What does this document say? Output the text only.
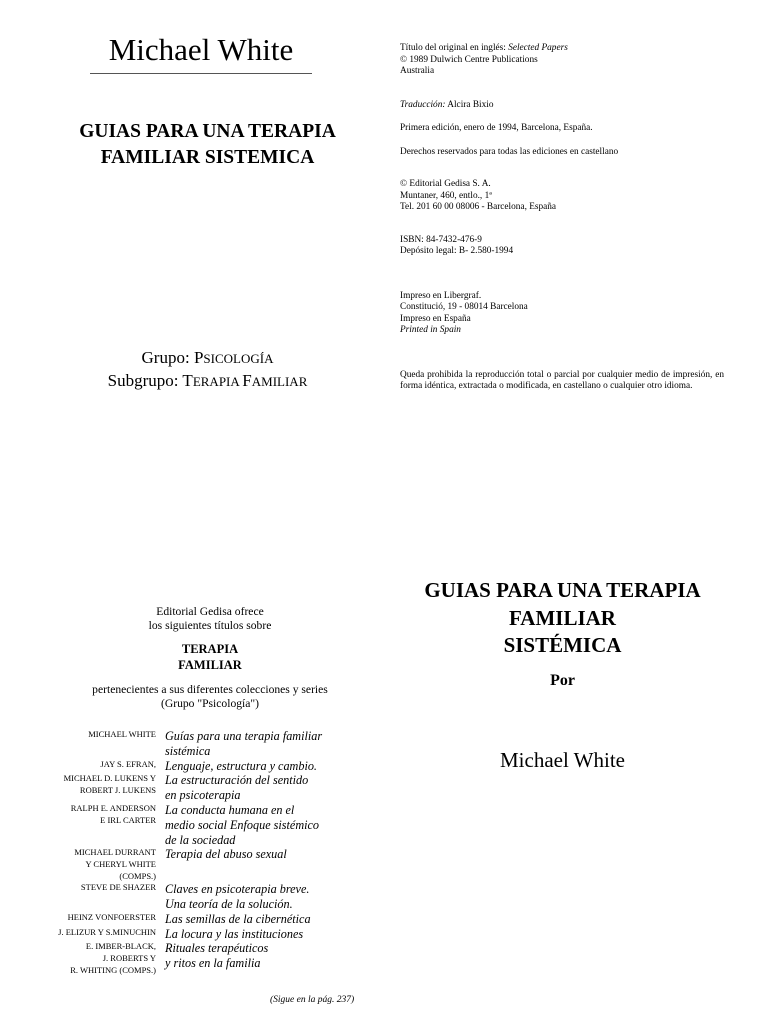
Michael White
GUIAS PARA UNA TERAPIA
FAMILIAR SISTEMICA
Grupo: PSICOLOGÍA
Subgrupo: TERAPIA FAMILIAR

Título del original en inglés: Selected Papers

© 1989 Dulwich Centre Publications

Australia

Traducción: Alcira Bixio

Primera edición, enero de 1994, Barcelona, España.

Derechos reservados para todas las ediciones en castellano

© Editorial Gedisa S. A.

Muntaner, 460, entlo., 1ª

Tel. 201 60 00 08006 - Barcelona, España

ISBN: 84-7432-476-9

Depósito legal: B- 2.580-1994

Impreso en Libergraf.

Constitució, 19 - 08014 Barcelona

Impreso en España

Printed in Spain

Queda prohibida la reproducción total o parcial por cualquier medio de impresión, en forma idéntica, extractada o modificada, en castellano o cualquier otro idioma.

Editorial Gedisa ofrece
los siguientes títulos sobre
TERAPIA
FAMILIAR
pertenecientes a sus diferentes colecciones y series
(Grupo "Psicología")
MICHAEL WHITE Guías para una terapia familiar
sistémica
JAY S. EFRAN, Lenguaje, estructura y cambio.
MICHAEL D. LUKENS Y
ROBERT J. LUKENS
La estructuración del sentido
en psicoterapia
RALPH E. ANDERSON
E IRL CARTER
La conducta humana en el
medio social Enfoque sistémico
de la sociedad
MICHAEL DURRANT
Y CHERYL WHITE
(COMPS.)
Terapia del abuso sexual
STEVE DE SHAZER Claves en psicoterapia breve.
Una teoría de la solución.
HEINZ VONFOERSTER Las semillas de la cibernética
J. ELIZUR Y S.MINUCHIN La locura y las instituciones
E. IMBER-BLACK,
J. ROBERTS Y
R. WHITING (COMPS.)
Rituales terapéuticos
y ritos en la familia
(Sigue en la pág. 237)
GUIAS PARA UNA TERAPIA
FAMILIAR
SISTÉMICA
Por
Michael White
